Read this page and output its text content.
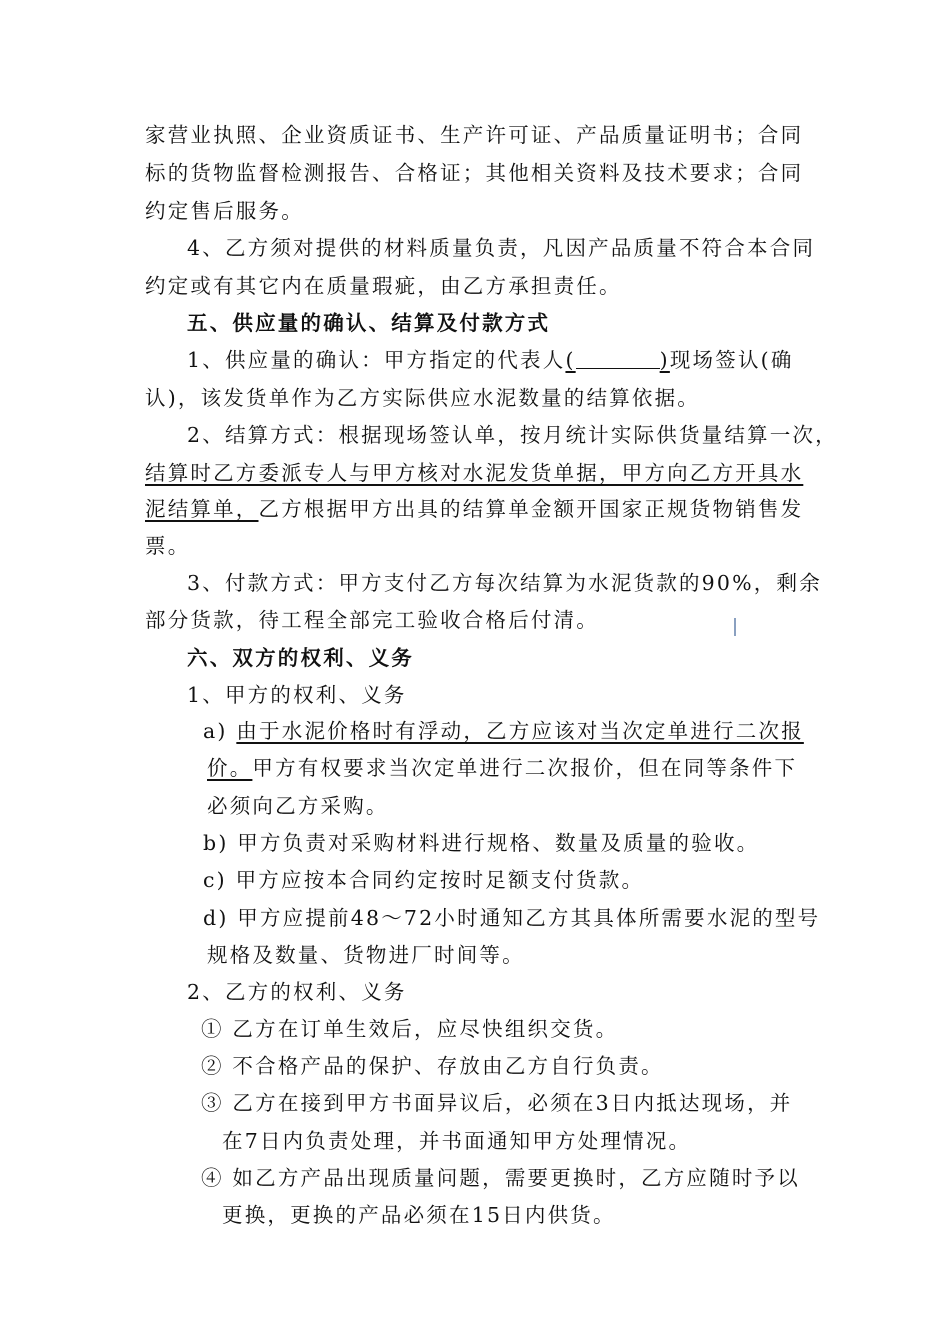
家营业执照、企业资质证书、生产许可证、产品质量证明书；合同
标的货物监督检测报告、合格证；其他相关资料及技术要求；合同
约定售后服务。
4、乙方须对提供的材料质量负责，凡因产品质量不符合本合同
约定或有其它内在质量瑕疵，由乙方承担责任。
五、供应量的确认、结算及付款方式
1、供应量的确认：甲方指定的代表人(	)现场签认(确
认)，该发货单作为乙方实际供应水泥数量的结算依据。
2、结算方式：根据现场签认单，按月统计实际供货量结算一次，
结算时乙方委派专人与甲方核对水泥发货单据，甲方向乙方开具水
泥结算单，乙方根据甲方出具的结算单金额开国家正规货物销售发
票。
3、付款方式：甲方支付乙方每次结算为水泥货款的90%，剩余
部分货款，待工程全部完工验收合格后付清。
六、双方的权利、义务
1、甲方的权利、义务
a) 由于水泥价格时有浮动，乙方应该对当次定单进行二次报
价。甲方有权要求当次定单进行二次报价，但在同等条件下
必须向乙方采购。
b) 甲方负责对采购材料进行规格、数量及质量的验收。
c) 甲方应按本合同约定按时足额支付货款。
d) 甲方应提前48～72小时通知乙方其具体所需要水泥的型号
规格及数量、货物进厂时间等。
2、乙方的权利、义务
① 乙方在订单生效后，应尽快组织交货。
② 不合格产品的保护、存放由乙方自行负责。
③ 乙方在接到甲方书面异议后，必须在3日内抵达现场，并
在7日内负责处理，并书面通知甲方处理情况。
④ 如乙方产品出现质量问题，需要更换时，乙方应随时予以
更换，更换的产品必须在15日内供货。
